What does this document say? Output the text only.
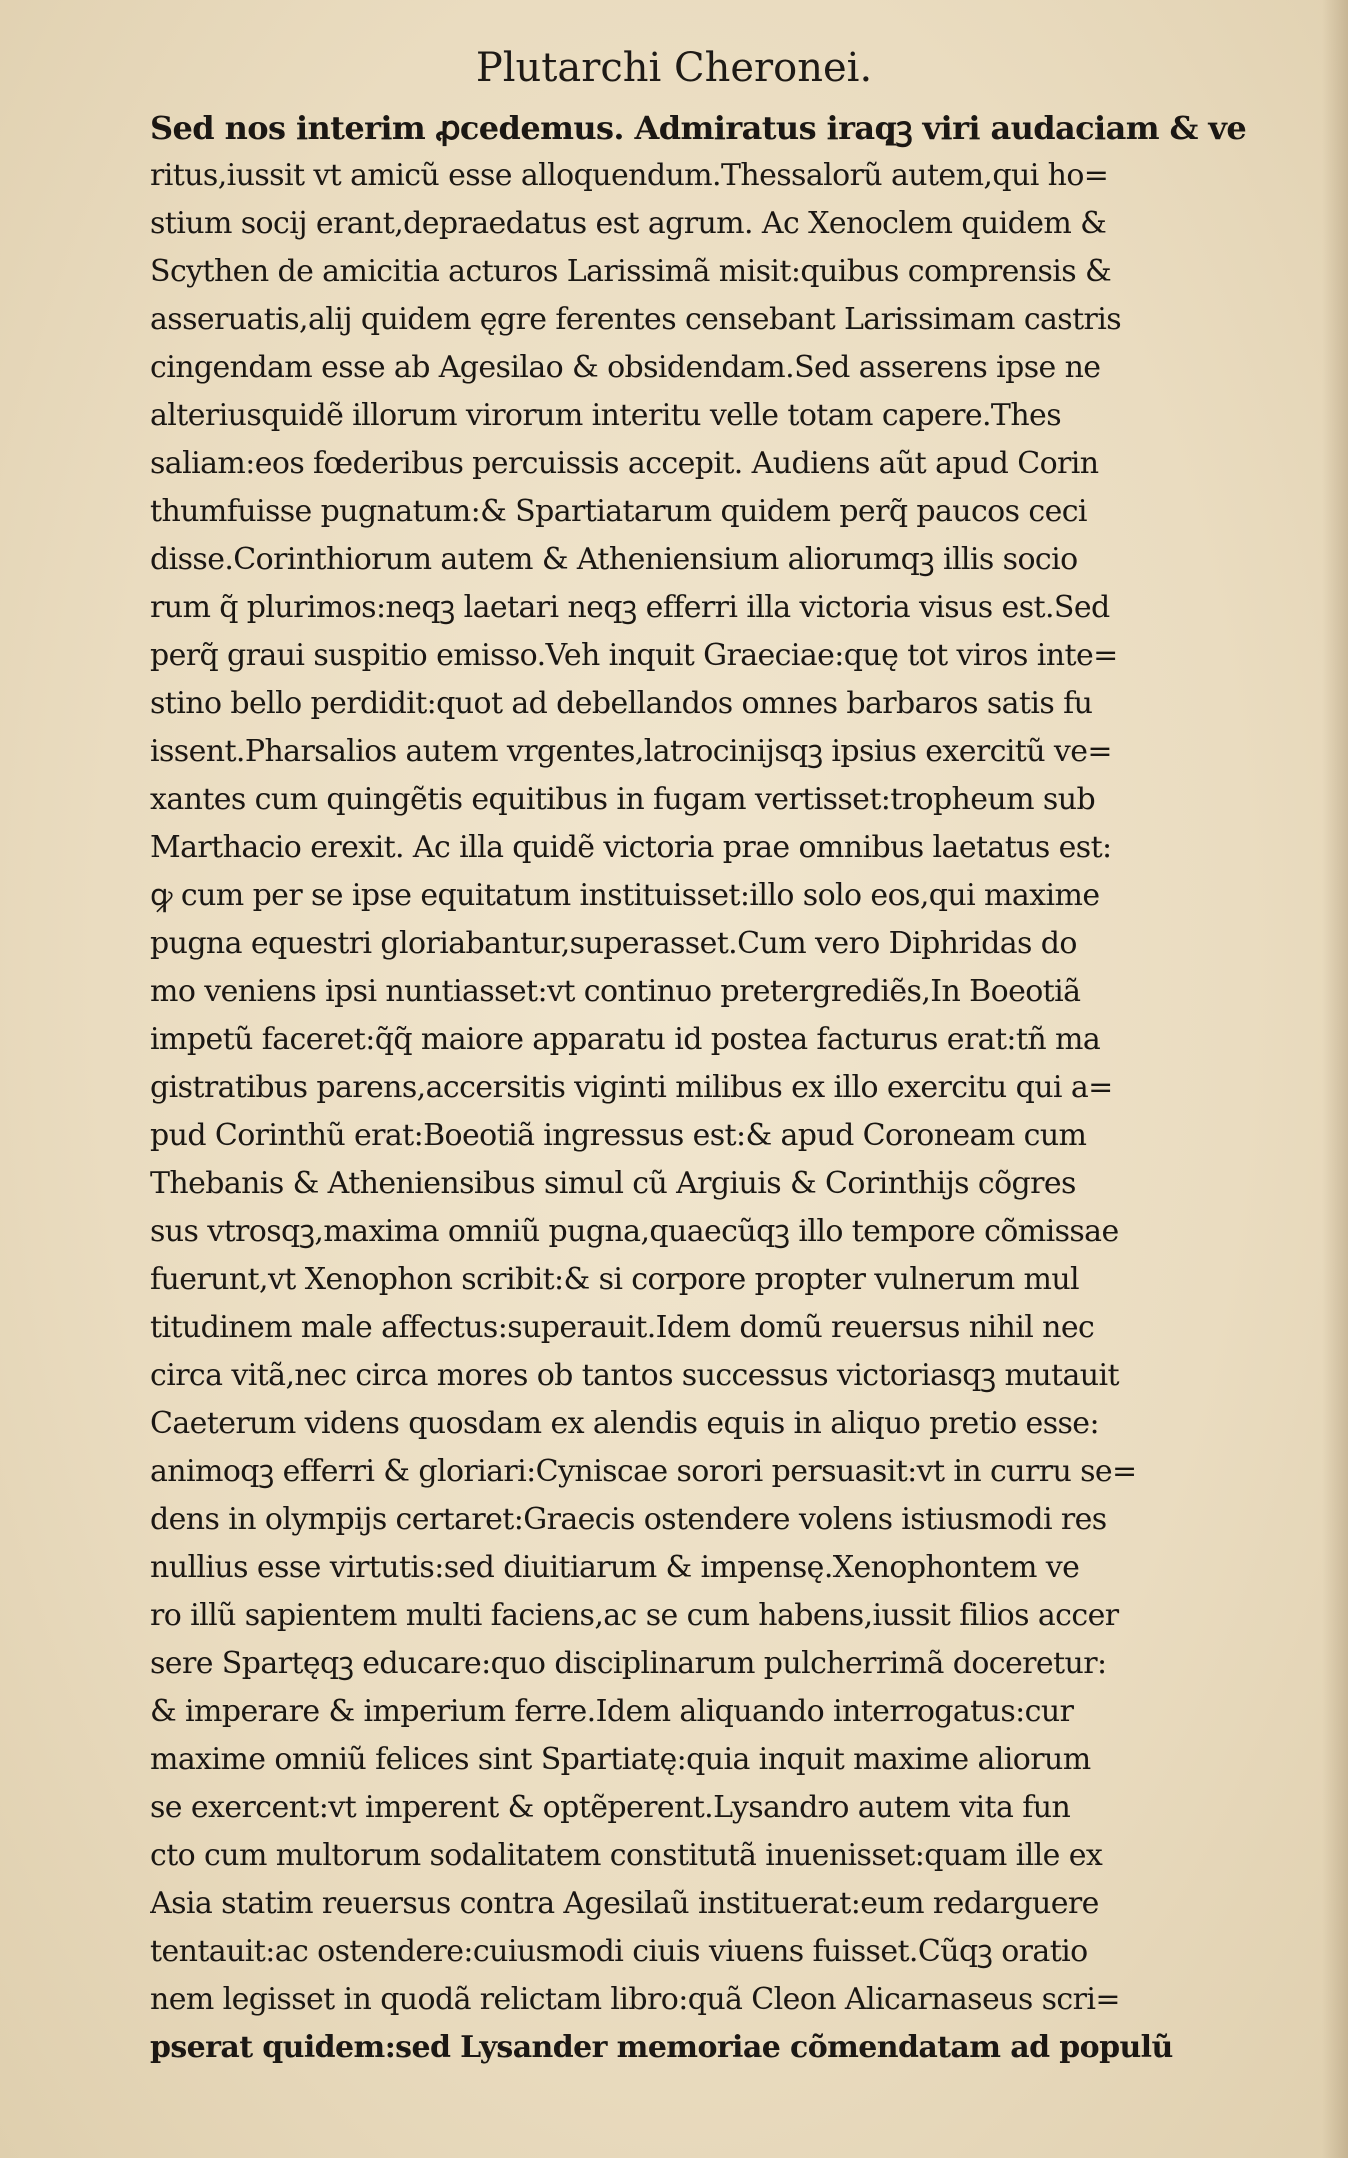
Plutarchi Cheronei.
Sed nos interim ꝓcedemus. Admiratus iraq̨ꝫ viri audaciam & ve
ritus,iussit vt amicũ esse alloquendum.Thessalorũ autem,qui ho=
stium socij erant,depraedatus est agrum. Ac Xenoclem quidem &
Scythen de amicitia acturos Larissimã misit:quibus comprensis &
asseruatis,alij quidem ęgre ferentes censebant Larissimam castris
cingendam esse ab Agesilao & obsidendam.Sed asserens ipse ne
alteriusquidẽ illorum virorum interitu velle totam capere.Thes
saliam:eos fœderibus percuissis accepit. Audiens aũt apud Corin
thumfuisse pugnatum:& Spartiatarum quidem perq̃ paucos ceci
disse.Corinthiorum autem & Atheniensium aliorumqꝫ illis socio
rum q̃ plurimos:neqꝫ laetari neqꝫ efferri illa victoria visus est.Sed
perq̃ graui suspitio emisso.Veh inquit Graeciae:quę tot viros inte=
stino bello perdidit:quot ad debellandos omnes barbaros satis fu
issent.Pharsalios autem vrgentes,latrocinijsqꝫ ipsius exercitũ ve=
xantes cum quingẽtis equitibus in fugam vertisset:tropheum sub
Marthacio erexit. Ac illa quidẽ victoria prae omnibus laetatus est:
ꝙ cum per se ipse equitatum instituisset:illo solo eos,qui maxime
pugna equestri gloriabantur,superasset.Cum vero Diphridas do
mo veniens ipsi nuntiasset:vt continuo pretergrediẽs,In Boeotiã
impetũ faceret:q̃q̃ maiore apparatu id postea facturus erat:tñ ma
gistratibus parens,accersitis viginti milibus ex illo exercitu qui a=
pud Corinthũ erat:Boeotiã ingressus est:& apud Coroneam cum
Thebanis & Atheniensibus simul cũ Argiuis & Corinthijs cõgres
sus vtrosqꝫ,maxima omniũ pugna,quaecũqꝫ illo tempore cõmissae
fuerunt,vt Xenophon scribit:& si corpore propter vulnerum mul
titudinem male affectus:superauit.Idem domũ reuersus nihil nec
circa vitã,nec circa mores ob tantos successus victoriasqꝫ mutauit
Caeterum videns quosdam ex alendis equis in aliquo pretio esse:
animoqꝫ efferri & gloriari:Cyniscae sorori persuasit:vt in curru se=
dens in olympijs certaret:Graecis ostendere volens istiusmodi res
nullius esse virtutis:sed diuitiarum & impensę.Xenophontem ve
ro illũ sapientem multi faciens,ac se cum habens,iussit filios accer
sere Spartęqꝫ educare:quo disciplinarum pulcherrimã doceretur:
& imperare & imperium ferre.Idem aliquando interrogatus:cur
maxime omniũ felices sint Spartiatę:quia inquit maxime aliorum
se exercent:vt imperent & optẽperent.Lysandro autem vita fun
cto cum multorum sodalitatem constitutã inuenisset:quam ille ex
Asia statim reuersus contra Agesilaũ instituerat:eum redarguere
tentauit:ac ostendere:cuiusmodi ciuis viuens fuisset.Cũqꝫ oratio
nem legisset in quodã relictam libro:quã Cleon Alicarnaseus scri=
pserat quidem:sed Lysander memoriae cõmendatam ad populũ
